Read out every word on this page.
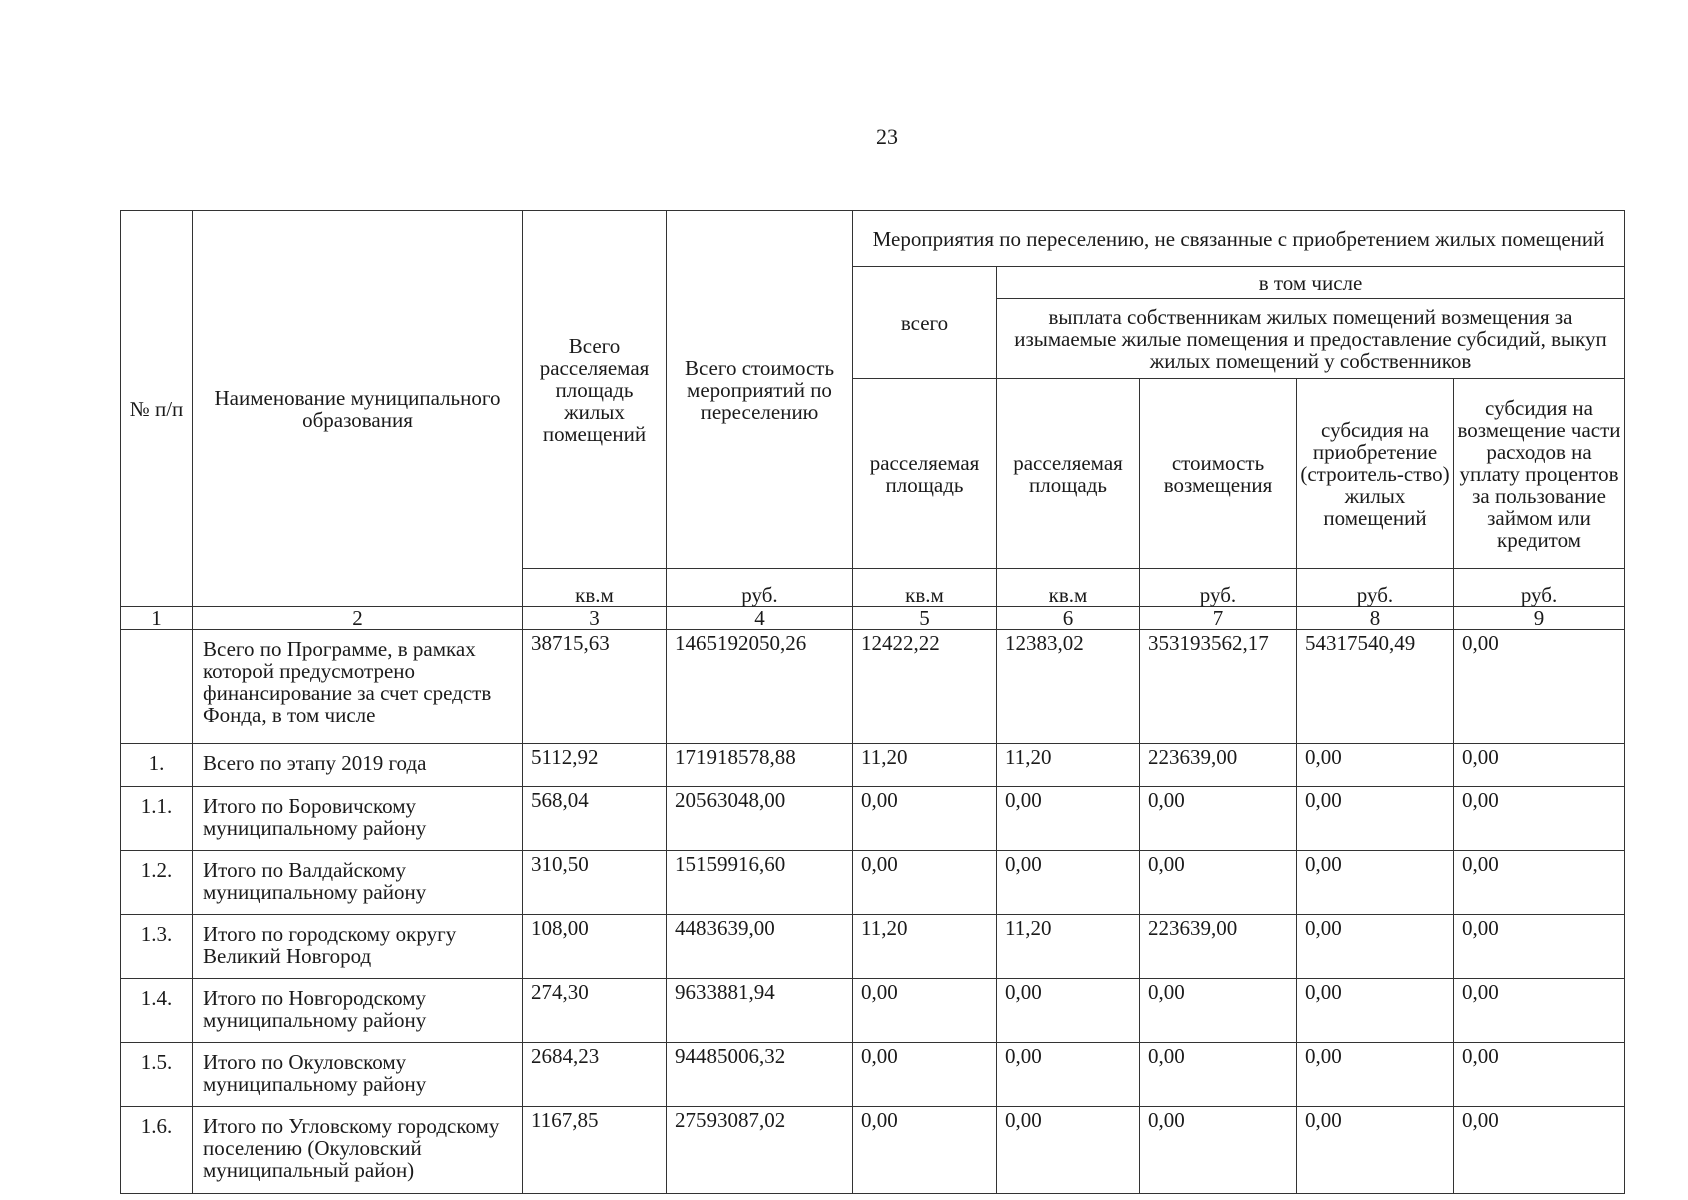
23
№ п/п	Наименование муниципального образования	Всего расселяемая площадь жилых помещений	Всего стоимость мероприятий по переселению	Мероприятия по переселению, не связанные с приобретением жилых помещений				
				всего	в том числе			
					выплата собственникам жилых помещений возмещения за изымаемые жилые помещения и предоставление субсидий, выкуп жилых помещений у собственников			
				расселяемая площадь	расселяемая площадь	стоимость возмещения	субсидия на приобретение (строитель-ство) жилых помещений	субсидия на возмещение части расходов на уплату процентов за пользование займом или кредитом
		кв.м	руб.	кв.м	кв.м	руб.	руб.	руб.
1	2	3	4	5	6	7	8	9
	Всего по Программе, в рамках которой предусмотрено финансирование за счет средств Фонда, в том числе	38715,63	1465192050,26	12422,22	12383,02	353193562,17	54317540,49	0,00
1.	Всего по этапу 2019 года	5112,92	171918578,88	11,20	11,20	223639,00	0,00	0,00
1.1.	Итого по Боровичскому муниципальному району	568,04	20563048,00	0,00	0,00	0,00	0,00	0,00
1.2.	Итого по Валдайскому муниципальному району	310,50	15159916,60	0,00	0,00	0,00	0,00	0,00
1.3.	Итого по городскому округу Великий Новгород	108,00	4483639,00	11,20	11,20	223639,00	0,00	0,00
1.4.	Итого по Новгородскому муниципальному району	274,30	9633881,94	0,00	0,00	0,00	0,00	0,00
1.5.	Итого по Окуловскому муниципальному району	2684,23	94485006,32	0,00	0,00	0,00	0,00	0,00
1.6.	Итого по Угловскому городскому поселению (Окуловский муниципальный район)	1167,85	27593087,02	0,00	0,00	0,00	0,00	0,00
